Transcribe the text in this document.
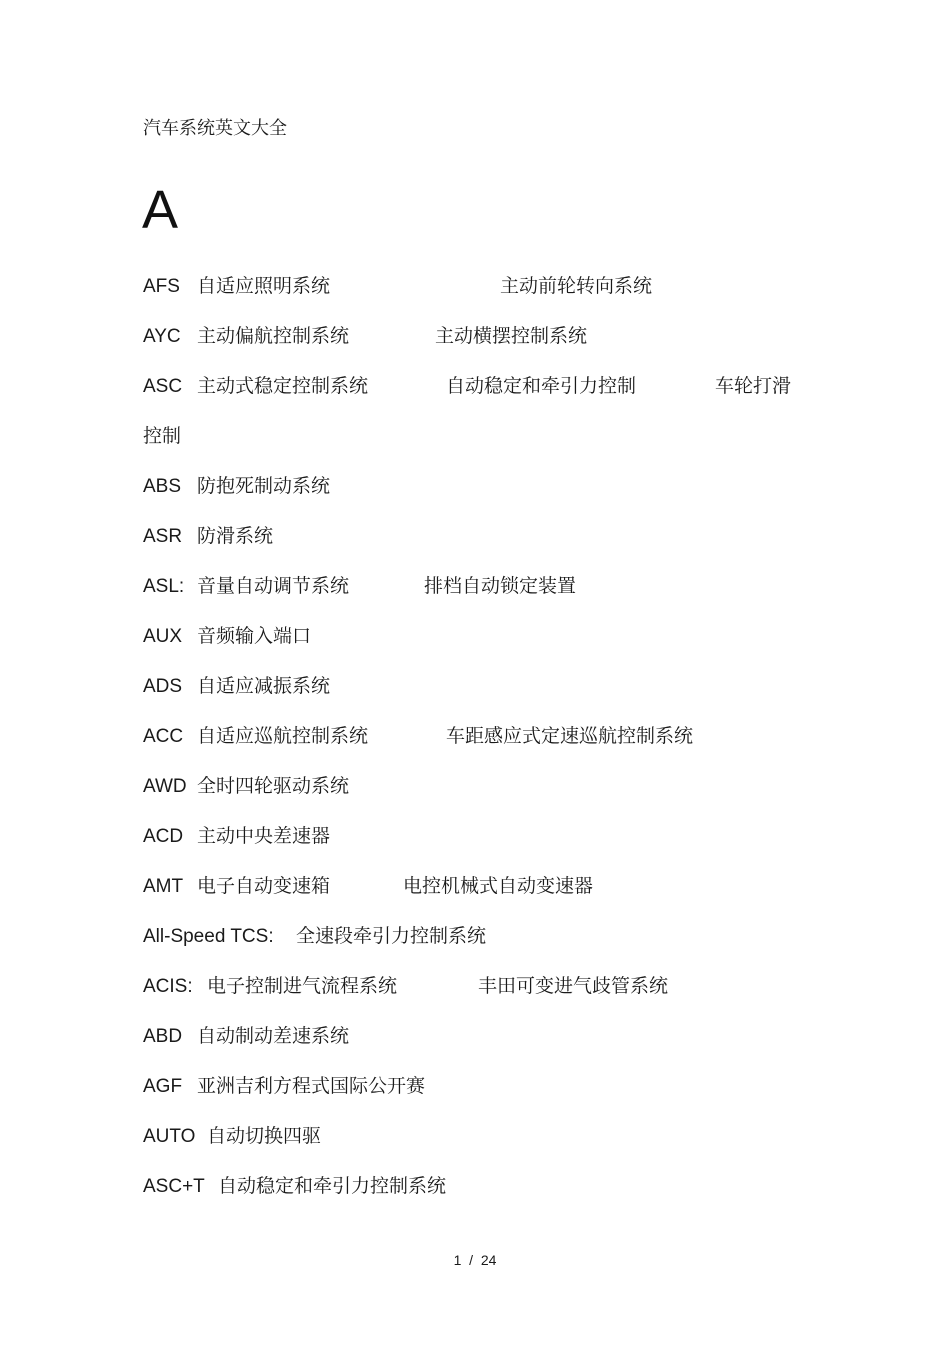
汽车系统英文大全
A
AFS 自适应照明系统	主动前轮转向系统
AYC 主动偏航控制系统	主动横摆控制系统
ASC 主动式稳定控制系统	自动稳定和牵引力控制	车轮打滑
控制
ABS 防抱死制动系统
ASR 防滑系统
ASL: 音量自动调节系统	排档自动锁定装置
AUX 音频输入端口
ADS 自适应减振系统
ACC 自适应巡航控制系统	车距感应式定速巡航控制系统
AWD 全时四轮驱动系统
ACD 主动中央差速器
AMT 电子自动变速箱	电控机械式自动变速器
All-Speed TCS: 全速段牵引力控制系统
ACIS: 电子控制进气流程系统	丰田可变进气歧管系统
ABD 自动制动差速系统
AGF 亚洲吉利方程式国际公开赛
AUTO 自动切换四驱
ASC+T 自动稳定和牵引力控制系统
1  /  24
